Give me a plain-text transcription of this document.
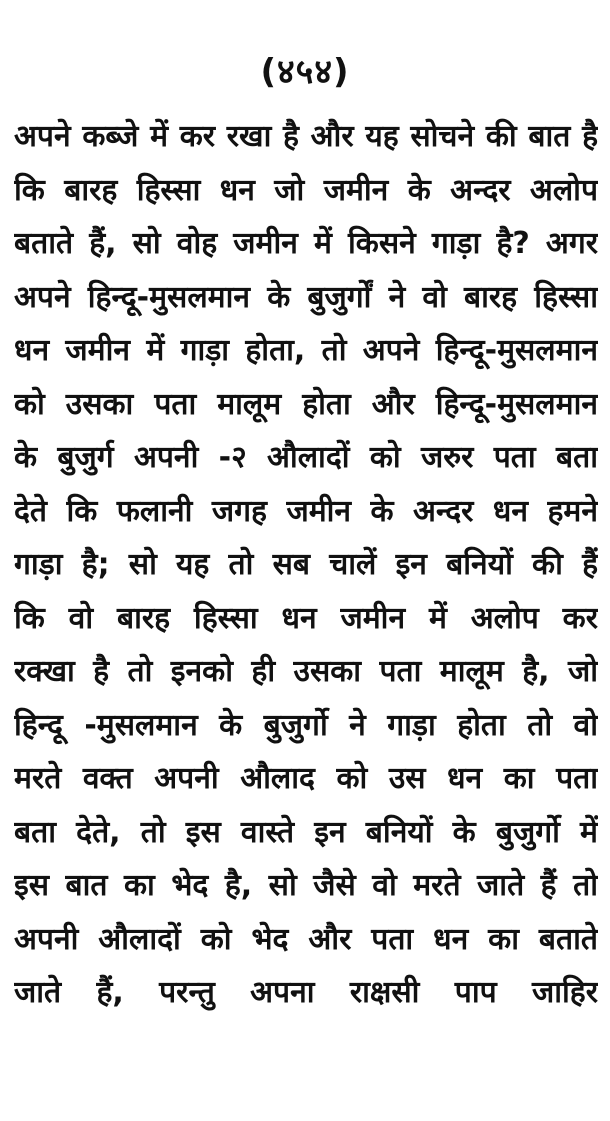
(४५४)
अपने कब्जे में कर रखा है और यह सोचने की बात है
कि बारह हिस्सा धन जो जमीन के अन्दर अलोप
बताते हैं, सो वोह जमीन में किसने गाड़ा है? अगर
अपने हिन्दू-मुसलमान के बुजुर्गों ने वो बारह हिस्सा
धन जमीन में गाड़ा होता, तो अपने हिन्दू-मुसलमान
को उसका पता मालूम होता और हिन्दू-मुसलमान
के बुजुर्ग अपनी -२ औलादों को जरुर पता बता
देते कि फलानी जगह जमीन के अन्दर धन हमने
गाड़ा है; सो यह तो सब चालें इन बनियों की हैं
कि वो बारह हिस्सा धन जमीन में अलोप कर
रक्खा है तो इनको ही उसका पता मालूम है, जो
हिन्दू -मुसलमान के बुजुर्गो ने गाड़ा होता तो वो
मरते वक्त अपनी औलाद को उस धन का पता
बता देते, तो इस वास्ते इन बनियों के बुजुर्गो में
इस बात का भेद है, सो जैसे वो मरते जाते हैं तो
अपनी औलादों को भेद और पता धन का बताते
जाते हैं, परन्तु अपना राक्षसी पाप जाहिर
